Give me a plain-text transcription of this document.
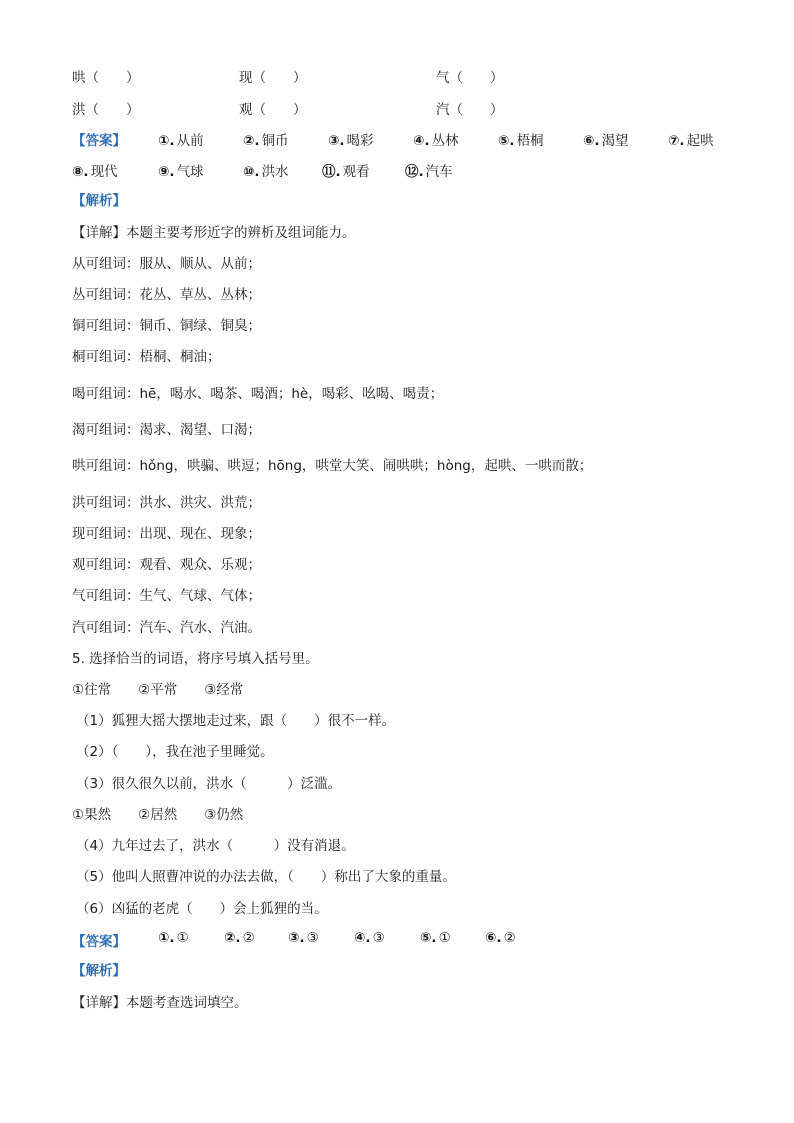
哄（　　）	现（　　）	气（　　）
洪（　　）	观（　　）	汽（　　）
【答案】 ①. 从前	②. 铜币	③. 喝彩	④. 丛林	⑤. 梧桐	⑥. 渴望	⑦. 起哄
⑧. 现代	⑨. 气球	⑩. 洪水 ⑪. 观看	⑫. 汽车
【解析】
【详解】本题主要考形近字的辨析及组词能力。
从可组词：服从、顺从、从前；
丛可组词：花丛、草丛、丛林；
铜可组词：铜币、铜绿、铜臭；
桐可组词：梧桐、桐油；
喝可组词：hē，喝水、喝茶、喝酒；hè，喝彩、吆喝、喝责；
渴可组词：渴求、渴望、口渴；
哄可组词：hǒng，哄骗、哄逗；hōng，哄堂大笑、闹哄哄；hòng，起哄、一哄而散；
洪可组词：洪水、洪灾、洪荒；
现可组词：出现、现在、现象；
观可组词：观看、观众、乐观；
气可组词：生气、气球、气体；
汽可组词：汽车、汽水、汽油。
5. 选择恰当的词语，将序号填入括号里。
①往常　　②平常　　③经常
（1）狐狸大摇大摆地走过来，跟（　　）很不一样。
（2）（　　），我在池子里睡觉。
（3）很久很久以前，洪水（　　　）泛滥。
①果然　　②居然　　③仍然
（4）九年过去了，洪水（　　　）没有消退。
（5）他叫人照曹冲说的办法去做，（　　）称出了大象的重量。
（6）凶猛的老虎（　　）会上狐狸的当。
【答案】 ①. ①	②. ② ③. ③	④. ③	⑤. ①	⑥. ②
【解析】
【详解】本题考查选词填空。
